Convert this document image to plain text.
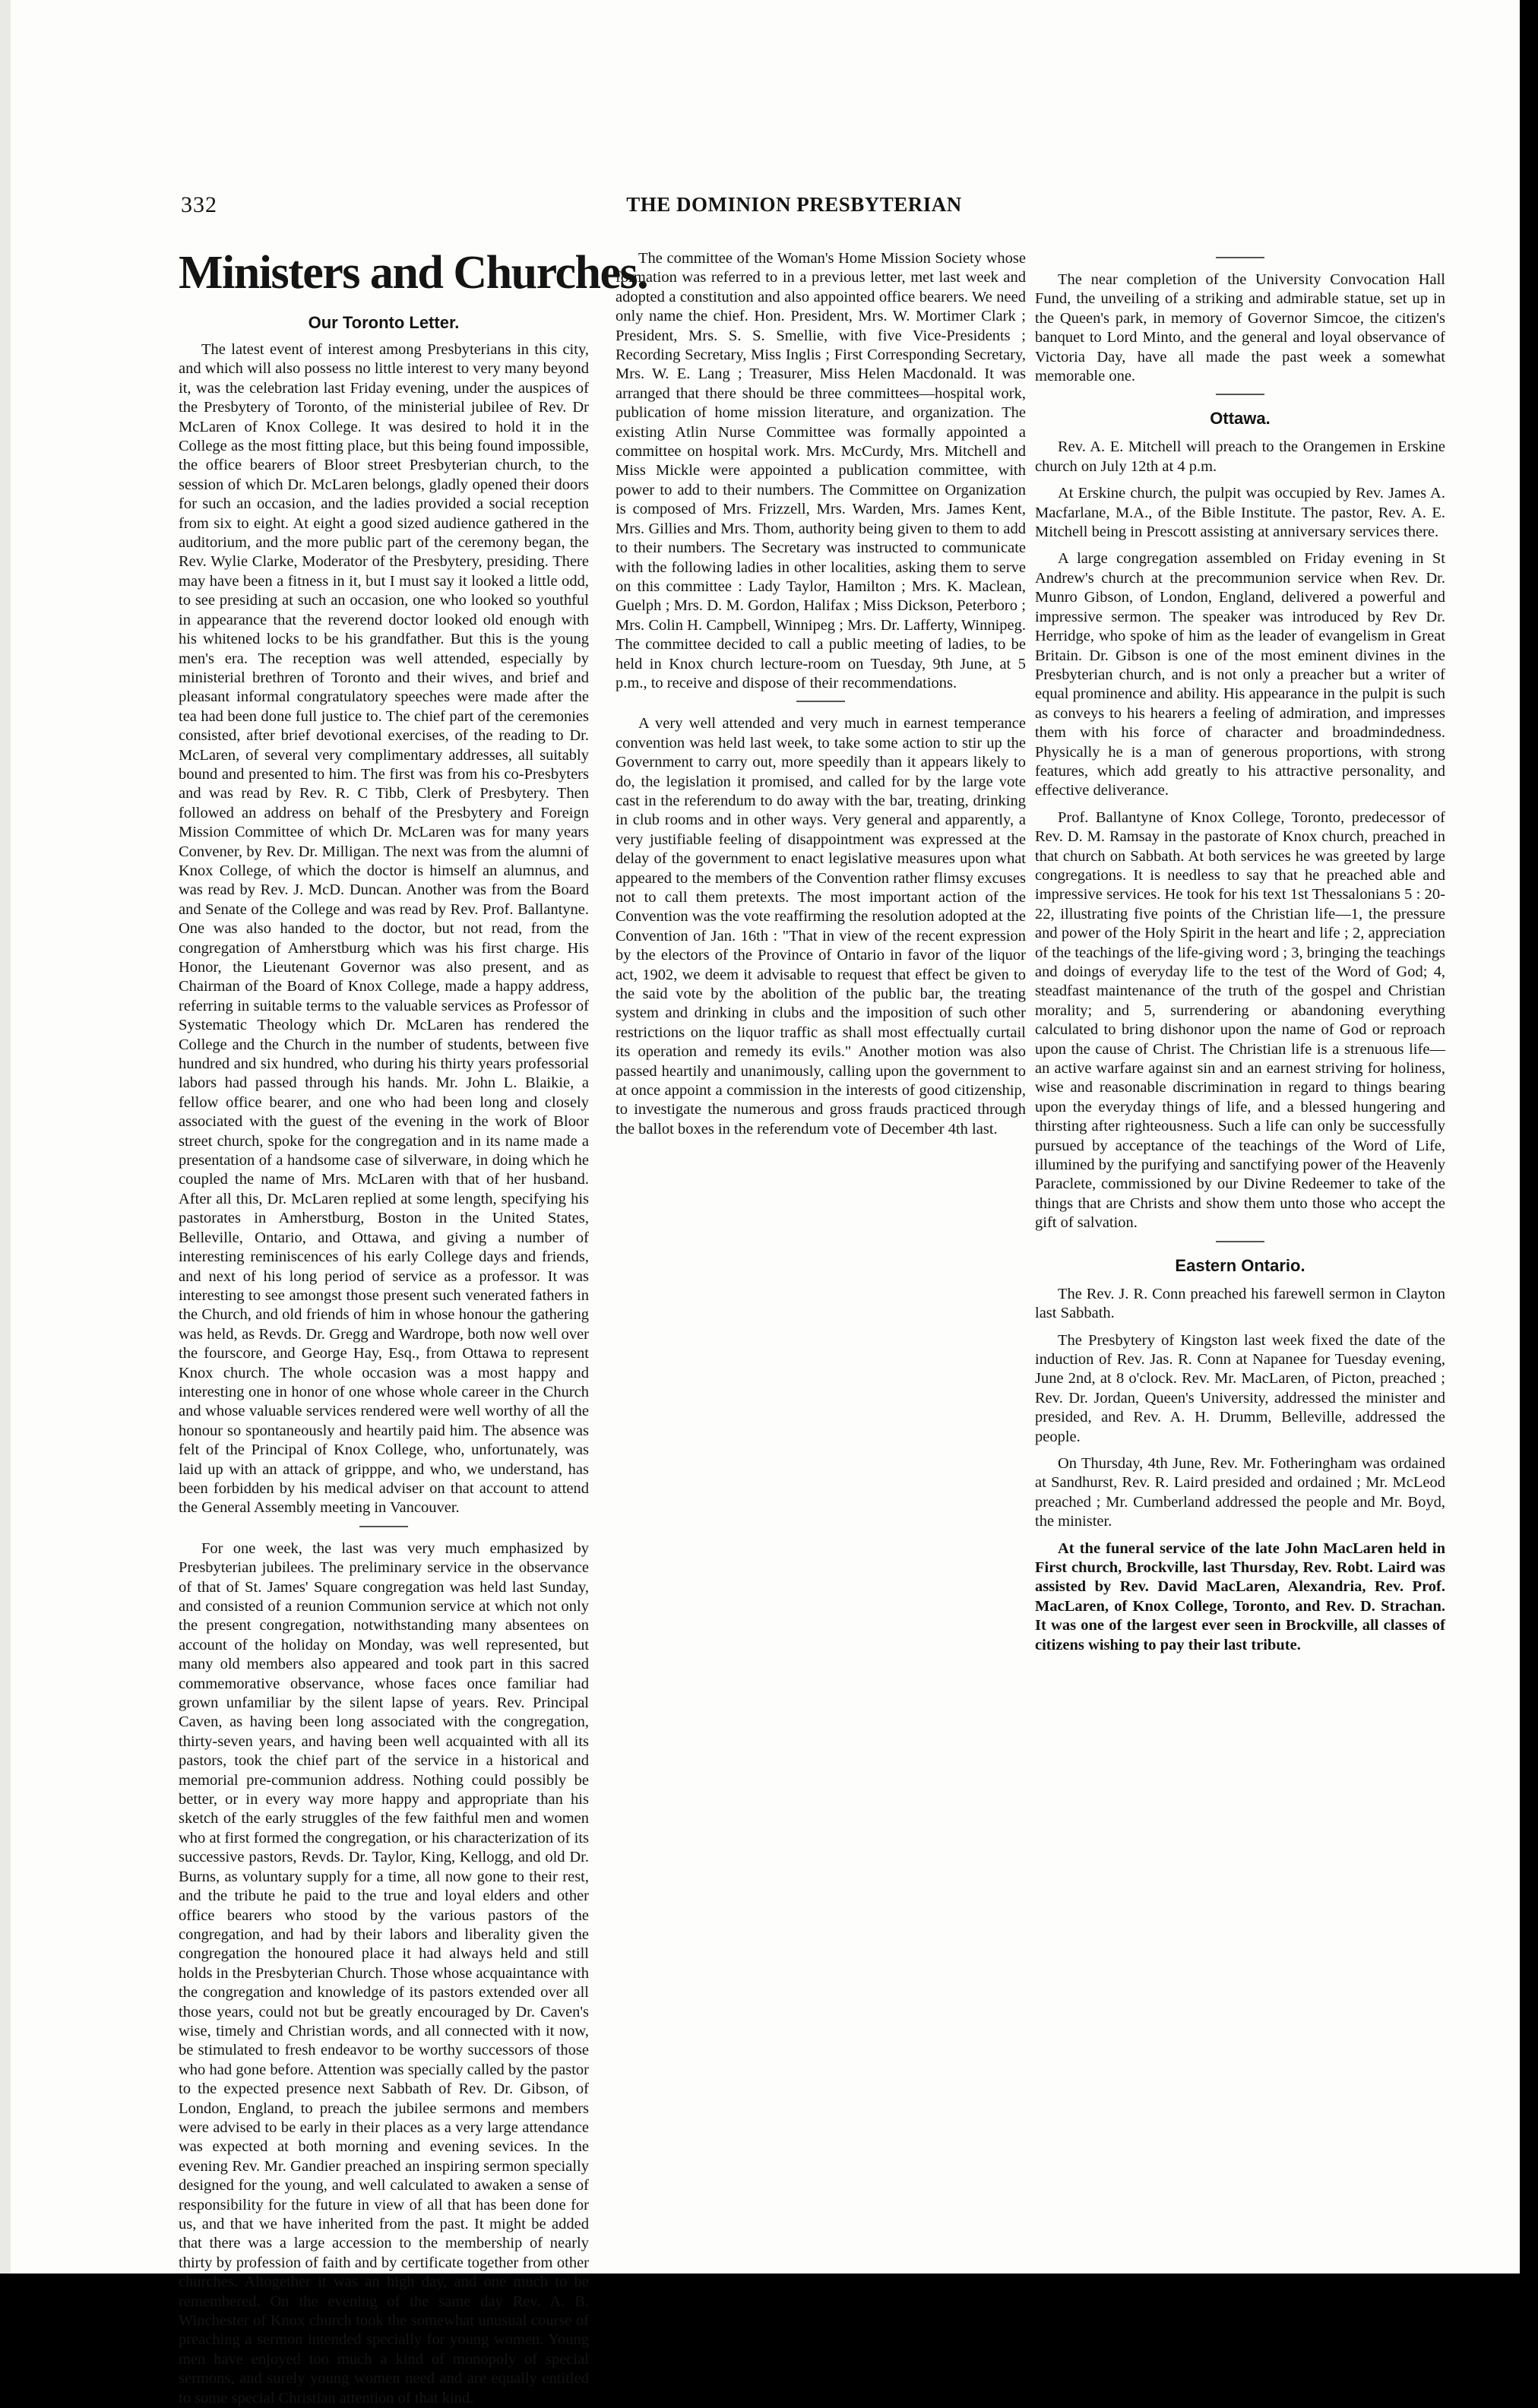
332	THE DOMINION PRESBYTERIAN
Ministers and Churches.
Our Toronto Letter.

The latest event of interest among Presbyterians in this city, and which will also possess no little interest to very many beyond it, was the celebration last Friday evening, under the auspices of the Presbytery of Toronto, of the ministerial jubilee of Rev. Dr McLaren of Knox College. It was desired to hold it in the College as the most fitting place, but this being found impossible, the office bearers of Bloor street Presbyterian church, to the session of which Dr. McLaren belongs, gladly opened their doors for such an occasion, and the ladies provided a social reception from six to eight. At eight a good sized audience gathered in the auditorium, and the more public part of the ceremony began, the Rev. Wylie Clarke, Moderator of the Presbytery, presiding. There may have been a fitness in it, but I must say it looked a little odd, to see presiding at such an occasion, one who looked so youthful in appearance that the reverend doctor looked old enough with his whitened locks to be his grandfather. But this is the young men's era. The reception was well attended, especially by ministerial brethren of Toronto and their wives, and brief and pleasant informal congratulatory speeches were made after the tea had been done full justice to. The chief part of the ceremonies consisted, after brief devotional exercises, of the reading to Dr. McLaren, of several very complimentary addresses, all suitably bound and presented to him. The first was from his co-Presbyters and was read by Rev. R. C Tibb, Clerk of Presbytery. Then followed an address on behalf of the Presbytery and Foreign Mission Committee of which Dr. McLaren was for many years Convener, by Rev. Dr. Milligan. The next was from the alumni of Knox College, of which the doctor is himself an alumnus, and was read by Rev. J. McD. Duncan. Another was from the Board and Senate of the College and was read by Rev. Prof. Ballantyne. One was also handed to the doctor, but not read, from the congregation of Amherstburg which was his first charge. His Honor, the Lieutenant Governor was also present, and as Chairman of the Board of Knox College, made a happy address, referring in suitable terms to the valuable services as Professor of Systematic Theology which Dr. McLaren has rendered the College and the Church in the number of students, between five hundred and six hundred, who during his thirty years professorial labors had passed through his hands. Mr. John L. Blaikie, a fellow office bearer, and one who had been long and closely associated with the guest of the evening in the work of Bloor street church, spoke for the congregation and in its name made a presentation of a handsome case of silverware, in doing which he coupled the name of Mrs. McLaren with that of her husband. After all this, Dr. McLaren replied at some length, specifying his pastorates in Amherstburg, Boston in the United States, Belleville, Ontario, and Ottawa, and giving a number of interesting reminiscences of his early College days and friends, and next of his long period of service as a professor. It was interesting to see amongst those present such venerated fathers in the Church, and old friends of him in whose honour the gathering was held, as Revds. Dr. Gregg and Wardrope, both now well over the fourscore, and George Hay, Esq., from Ottawa to represent Knox church. The whole occasion was a most happy and interesting one in honor of one whose whole career in the Church and whose valuable services rendered were well worthy of all the honour so spontaneously and heartily paid him. The absence was felt of the Principal of Knox College, who, unfortunately, was laid up with an attack of gripppe, and who, we understand, has been forbidden by his medical adviser on that account to attend the General Assembly meeting in Vancouver.

For one week, the last was very much emphasized by Presbyterian jubilees. The preliminary service in the observance of that of St. James' Square congregation was held last Sunday, and consisted of a reunion Communion service at which not only the present congregation, notwithstanding many absentees on account of the holiday on Monday, was well represented, but many old members also appeared and took part in this sacred commemorative observance, whose faces once familiar had grown unfamiliar by the silent lapse of years. Rev. Principal Caven, as having been long associated with the congregation, thirty-seven years, and having been well acquainted with all its pastors, took the chief part of the service in a historical and memorial pre-communion address. Nothing could possibly be better, or in every way more happy and appropriate than his sketch of the early struggles of the few faithful men and women who at first formed the congregation, or his characterization of its successive pastors, Revds. Dr. Taylor, King, Kellogg, and old Dr. Burns, as voluntary supply for a time, all now gone to their rest, and the tribute he paid to the true and loyal elders and other office bearers who stood by the various pastors of the congregation, and had by their labors and liberality given the congregation the honoured place it had always held and still holds in the Presbyterian Church. Those whose acquaintance with the congregation and knowledge of its pastors extended over all those years, could not but be greatly encouraged by Dr. Caven's wise, timely and Christian words, and all connected with it now, be stimulated to fresh endeavor to be worthy successors of those who had gone before. Attention was specially called by the pastor to the expected presence next Sabbath of Rev. Dr. Gibson, of London, England, to preach the jubilee sermons and members were advised to be early in their places as a very large attendance was expected at both morning and evening sevices. In the evening Rev. Mr. Gandier preached an inspiring sermon specially designed for the young, and well calculated to awaken a sense of responsibility for the future in view of all that has been done for us, and that we have inherited from the past. It might be added that there was a large accession to the membership of nearly thirty by profession of faith and by certificate together from other churches. Altogether it was an high day, and one much to be remembered. On the evening of the same day Rev. A. B. Winchester of Knox church took the somewhat unusual course of preaching a sermon intended specially for young women. Young men have enjoyed too much a kind of monopoly of special sermons, and surely young women need and are equally entitled to some special Christian attention of that kind.

The committee of the Woman's Home Mission Society whose formation was referred to in a previous letter, met last week and adopted a constitution and also appointed office bearers. We need only name the chief. Hon. President, Mrs. W. Mortimer Clark ; President, Mrs. S. S. Smellie, with five Vice-Presidents ; Recording Secretary, Miss Inglis ; First Corresponding Secretary, Mrs. W. E. Lang ; Treasurer, Miss Helen Macdonald. It was arranged that there should be three committees—hospital work, publication of home mission literature, and organization. The existing Atlin Nurse Committee was formally appointed a committee on hospital work. Mrs. McCurdy, Mrs. Mitchell and Miss Mickle were appointed a publication committee, with power to add to their numbers. The Committee on Organization is composed of Mrs. Frizzell, Mrs. Warden, Mrs. James Kent, Mrs. Gillies and Mrs. Thom, authority being given to them to add to their numbers. The Secretary was instructed to communicate with the following ladies in other localities, asking them to serve on this committee : Lady Taylor, Hamilton ; Mrs. K. Maclean, Guelph ; Mrs. D. M. Gordon, Halifax ; Miss Dickson, Peterboro ; Mrs. Colin H. Campbell, Winnipeg ; Mrs. Dr. Lafferty, Winnipeg. The committee decided to call a public meeting of ladies, to be held in Knox church lecture-room on Tuesday, 9th June, at 5 p.m., to receive and dispose of their recommendations.

A very well attended and very much in earnest temperance convention was held last week, to take some action to stir up the Government to carry out, more speedily than it appears likely to do, the legislation it promised, and called for by the large vote cast in the referendum to do away with the bar, treating, drinking in club rooms and in other ways. Very general and apparently, a very justifiable feeling of disappointment was expressed at the delay of the government to enact legislative measures upon what appeared to the members of the Convention rather flimsy excuses not to call them pretexts. The most important action of the Convention was the vote reaffirming the resolution adopted at the Convention of Jan. 16th : "That in view of the recent expression by the electors of the Province of Ontario in favor of the liquor act, 1902, we deem it advisable to request that effect be given to the said vote by the abolition of the public bar, the treating system and drinking in clubs and the imposition of such other restrictions on the liquor traffic as shall most effectually curtail its operation and remedy its evils." Another motion was also passed heartily and unanimously, calling upon the government to at once appoint a commission in the interests of good citizenship, to investigate the numerous and gross frauds practiced through the ballot boxes in the referendum vote of December 4th last.

The near completion of the University Convocation Hall Fund, the unveiling of a striking and admirable statue, set up in the Queen's park, in memory of Governor Simcoe, the citizen's banquet to Lord Minto, and the general and loyal observance of Victoria Day, have all made the past week a somewhat memorable one.

Ottawa.

Rev. A. E. Mitchell will preach to the Orangemen in Erskine church on July 12th at 4 p.m.

At Erskine church, the pulpit was occupied by Rev. James A. Macfarlane, M.A., of the Bible Institute. The pastor, Rev. A. E. Mitchell being in Prescott assisting at anniversary services there.

A large congregation assembled on Friday evening in St Andrew's church at the precommunion service when Rev. Dr. Munro Gibson, of London, England, delivered a powerful and impressive sermon. The speaker was introduced by Rev Dr. Herridge, who spoke of him as the leader of evangelism in Great Britain. Dr. Gibson is one of the most eminent divines in the Presbyterian church, and is not only a preacher but a writer of equal prominence and ability. His appearance in the pulpit is such as conveys to his hearers a feeling of admiration, and impresses them with his force of character and broadmindedness. Physically he is a man of generous proportions, with strong features, which add greatly to his attractive personality, and effective deliverance.

Prof. Ballantyne of Knox College, Toronto, predecessor of Rev. D. M. Ramsay in the pastorate of Knox church, preached in that church on Sabbath. At both services he was greeted by large congregations. It is needless to say that he preached able and impressive services. He took for his text 1st Thessalonians 5 : 20-22, illustrating five points of the Christian life—1, the pressure and power of the Holy Spirit in the heart and life ; 2, appreciation of the teachings of the life-giving word ; 3, bringing the teachings and doings of everyday life to the test of the Word of God; 4, steadfast maintenance of the truth of the gospel and Christian morality; and 5, surrendering or abandoning everything calculated to bring dishonor upon the name of God or reproach upon the cause of Christ. The Christian life is a strenuous life—an active warfare against sin and an earnest striving for holiness, wise and reasonable discrimination in regard to things bearing upon the everyday things of life, and a blessed hungering and thirsting after righteousness. Such a life can only be successfully pursued by acceptance of the teachings of the Word of Life, illumined by the purifying and sanctifying power of the Heavenly Paraclete, commissioned by our Divine Redeemer to take of the things that are Christs and show them unto those who accept the gift of salvation.

Eastern Ontario.

The Rev. J. R. Conn preached his farewell sermon in Clayton last Sabbath.

The Presbytery of Kingston last week fixed the date of the induction of Rev. Jas. R. Conn at Napanee for Tuesday evening, June 2nd, at 8 o'clock. Rev. Mr. MacLaren, of Picton, preached ; Rev. Dr. Jordan, Queen's University, addressed the minister and presided, and Rev. A. H. Drumm, Belleville, addressed the people.

On Thursday, 4th June, Rev. Mr. Fotheringham was ordained at Sandhurst, Rev. R. Laird presided and ordained ; Mr. McLeod preached ; Mr. Cumberland addressed the people and Mr. Boyd, the minister.

At the funeral service of the late John MacLaren held in First church, Brockville, last Thursday, Rev. Robt. Laird was assisted by Rev. David MacLaren, Alexandria, Rev. Prof. MacLaren, of Knox College, Toronto, and Rev. D. Strachan. It was one of the largest ever seen in Brockville, all classes of citizens wishing to pay their last tribute.
